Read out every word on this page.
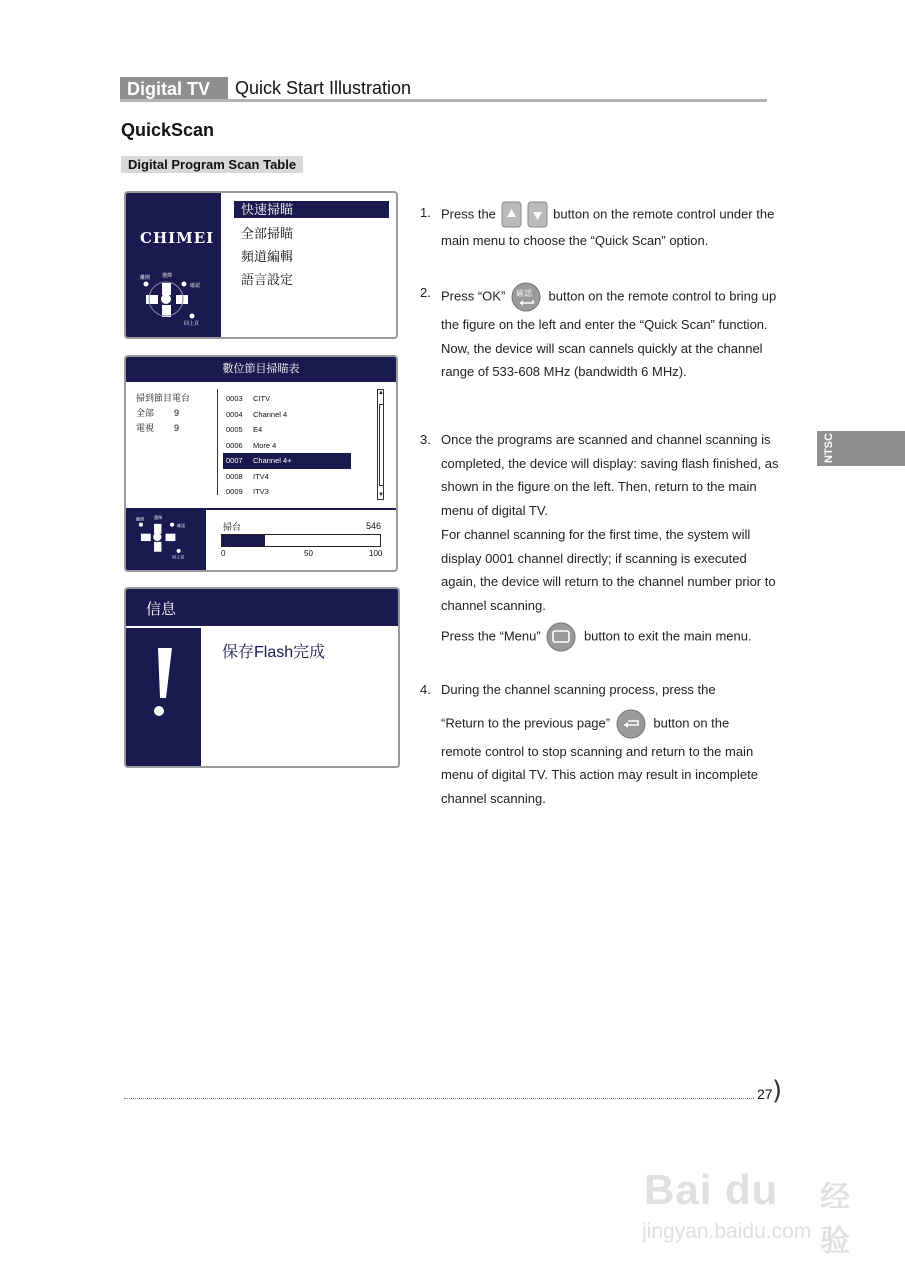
Digital TV	Quick Start Illustration
QuickScan
Digital Program Scan Table
NTSC
CHIMEI
離開 選擇
確認
回上頁
快速掃瞄
全部掃瞄
頻道編輯
語言設定
數位節目掃瞄表
掃到節目電台
全部 9
電視 9
0003 CITV
0004 Channel 4
0005 E4
0006 More 4
0007 Channel 4+
0008 ITV4
0009 ITV3
▲
▼
離開 選擇
確認
回上頁
掃台	546
0	50	100
信息
保存Flash完成
1. Press the	button on the remote control under the main menu to choose the “Quick Scan” option.
2. Press “OK” 確認 button on the remote control to bring up the figure on the left and enter the “Quick Scan” function. Now, the device will scan cannels quickly at the channel range of 533-608 MHz (bandwidth 6 MHz).
3. Once the programs are scanned and channel scanning is completed, the device will display: saving flash finished, as shown in the figure on the left. Then, return to the main menu of digital TV.
For channel scanning for the first time, the system will display 0001 channel directly; if scanning is executed again, the device will return to the channel number prior to channel scanning.
Press the “Menu”	button to exit the main menu.
4. During the channel scanning process, press the
“Return to the previous page”	button on the
remote control to stop scanning and return to the main menu of digital TV. This action may result in incomplete channel scanning.
27 )
Bai du 经验
jingyan.baidu.com
